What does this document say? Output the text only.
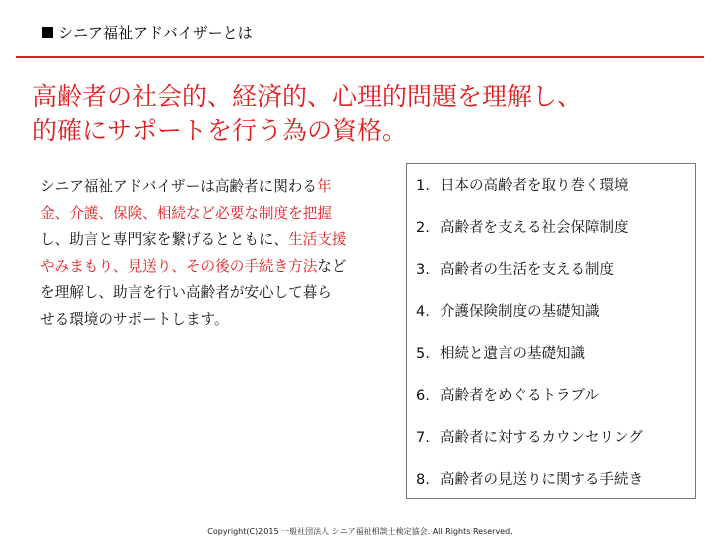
シニア福祉アドバイザーとは
高齢者の社会的、経済的、心理的問題を理解し、
的確にサポートを行う為の資格。
シニア福祉アドバイザーは高齢者に関わる年
金、介護、保険、相続など必要な制度を把握
し、助言と専門家を繋げるとともに、生活支援
やみまもり、見送り、その後の手続き方法など
を理解し、助言を行い高齢者が安心して暮ら
せる環境のサポートします。
1. 日本の高齢者を取り巻く環境
2. 高齢者を支える社会保障制度
3. 高齢者の生活を支える制度
4. 介護保険制度の基礎知識
5. 相続と遺言の基礎知識
6. 高齢者をめぐるトラブル
7. 高齢者に対するカウンセリング
8. 高齢者の見送りに関する手続き
Copyright(C)2015 一般社団法人 シニア福祉相談士検定協会. All Rights Reserved.
